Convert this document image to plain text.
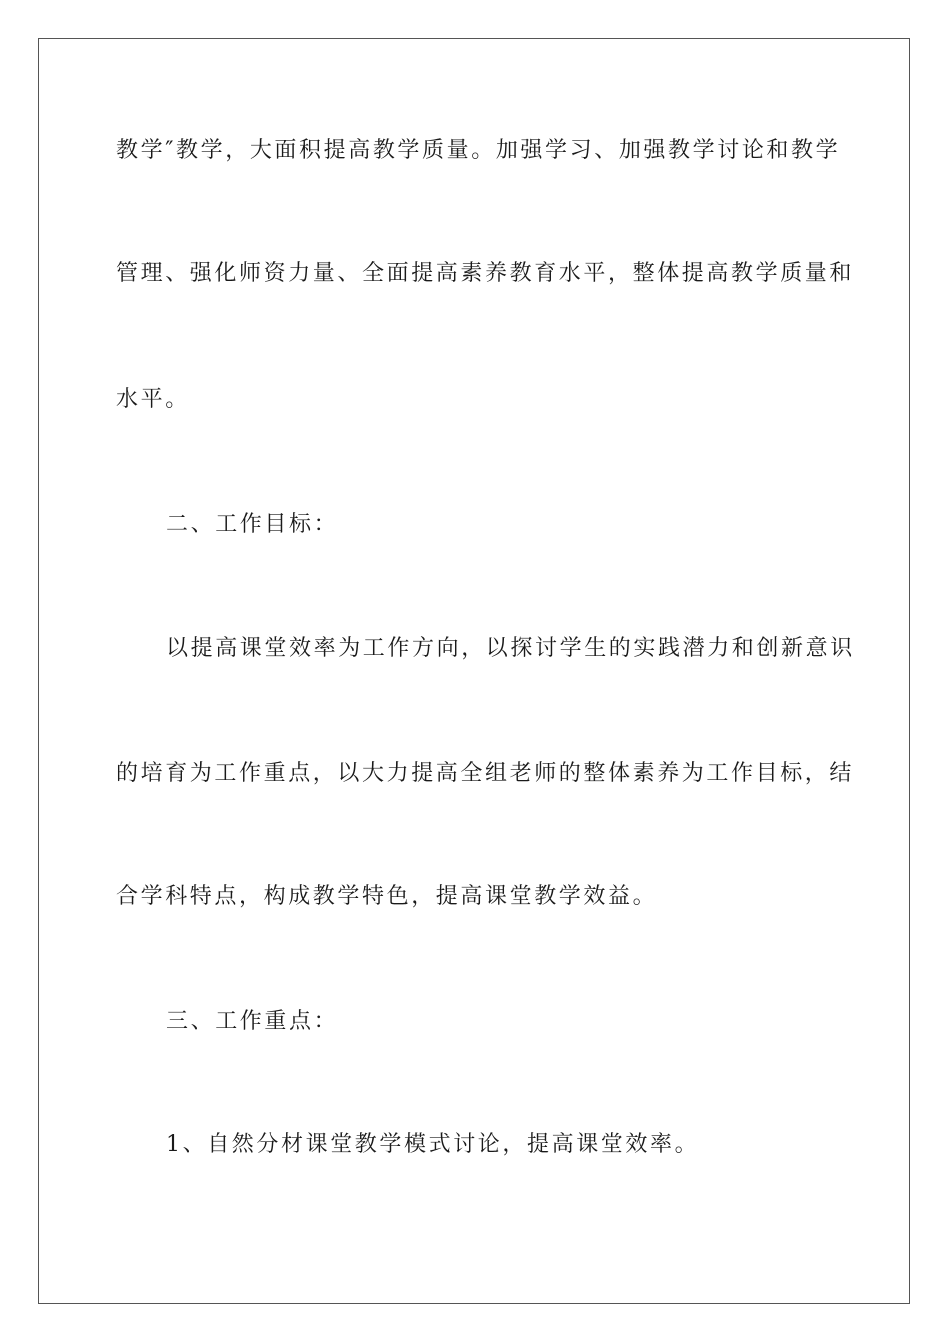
教学″教学，大面积提高教学质量。加强学习、加强教学讨论和教学

管理、强化师资力量、全面提高素养教育水平，整体提高教学质量和

水平。

二、工作目标：

以提高课堂效率为工作方向，以探讨学生的实践潜力和创新意识

的培育为工作重点，以大力提高全组老师的整体素养为工作目标，结

合学科特点，构成教学特色，提高课堂教学效益。

三、工作重点：

1、自然分材课堂教学模式讨论，提高课堂效率。
